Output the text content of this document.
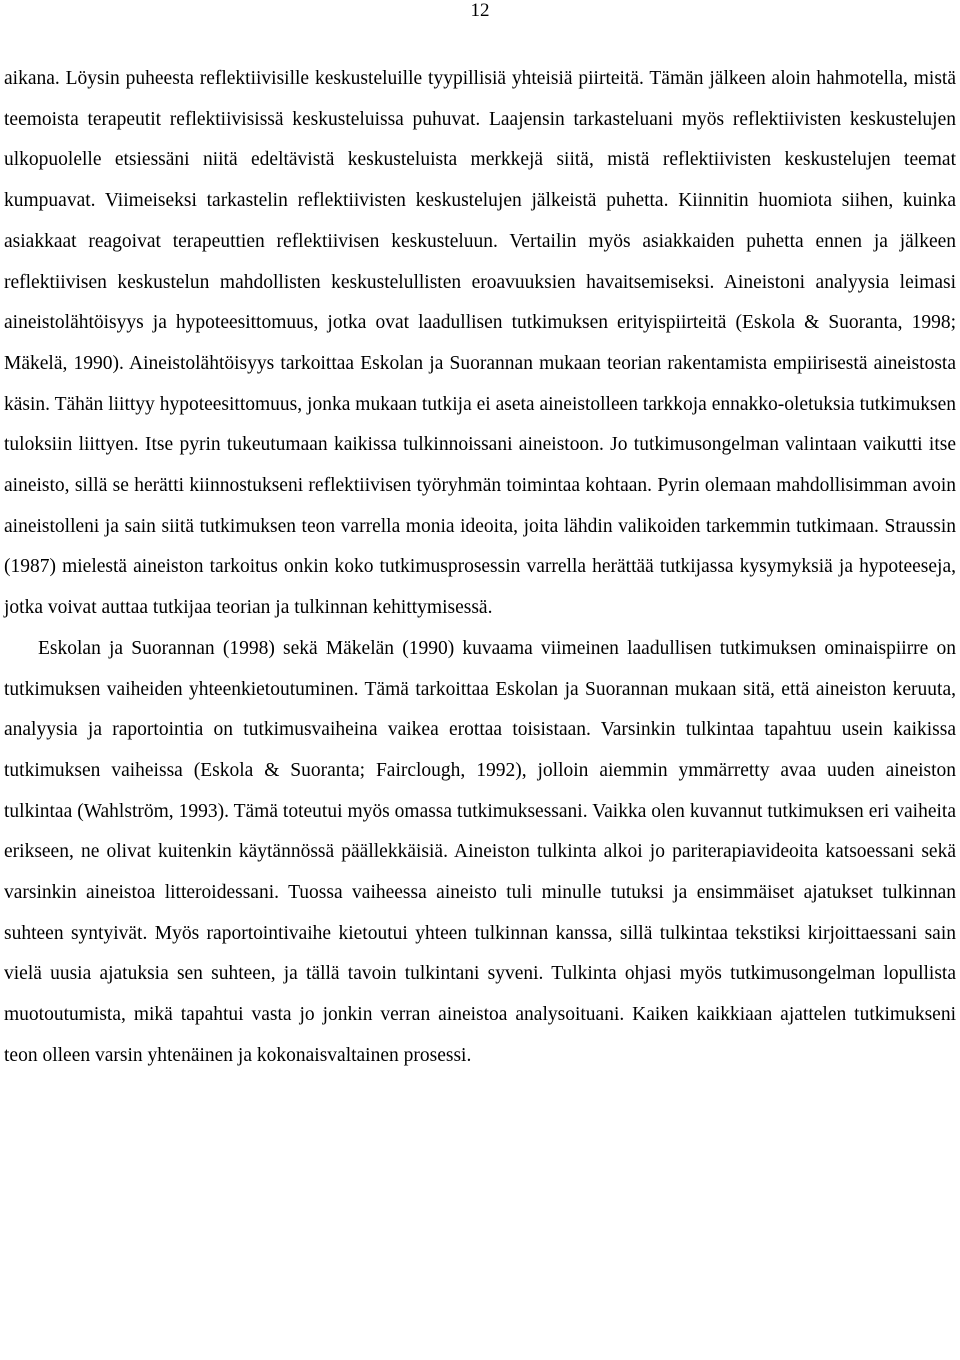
12

aikana. Löysin puheesta reflektiivisille keskusteluille tyypillisiä yhteisiä piirteitä. Tämän jälkeen aloin hahmotella, mistä teemoista terapeutit reflektiivisissä keskusteluissa puhuvat. Laajensin tarkasteluani myös reflektiivisten keskustelujen ulkopuolelle etsiessäni niitä edeltävistä keskusteluista merkkejä siitä, mistä reflektiivisten keskustelujen teemat kumpuavat. Viimeiseksi tarkastelin reflektiivisten keskustelujen jälkeistä puhetta. Kiinnitin huomiota siihen, kuinka asiakkaat reagoivat terapeuttien reflektiivisen keskusteluun. Vertailin myös asiakkaiden puhetta ennen ja jälkeen reflektiivisen keskustelun mahdollisten keskustelullisten eroavuuksien havaitsemiseksi. Aineistoni analyysia leimasi aineistolähtöisyys ja hypoteesittomuus, jotka ovat laadullisen tutkimuksen erityispiirteitä (Eskola & Suoranta, 1998; Mäkelä, 1990). Aineistolähtöisyys tarkoittaa Eskolan ja Suorannan mukaan teorian rakentamista empiirisestä aineistosta käsin. Tähän liittyy hypoteesittomuus, jonka mukaan tutkija ei aseta aineistolleen tarkkoja ennakko-oletuksia tutkimuksen tuloksiin liittyen. Itse pyrin tukeutumaan kaikissa tulkinnoissani aineistoon. Jo tutkimusongelman valintaan vaikutti itse aineisto, sillä se herätti kiinnostukseni reflektiivisen työryhmän toimintaa kohtaan. Pyrin olemaan mahdollisimman avoin aineistolleni ja sain siitä tutkimuksen teon varrella monia ideoita, joita lähdin valikoiden tarkemmin tutkimaan. Straussin (1987) mielestä aineiston tarkoitus onkin koko tutkimusprosessin varrella herättää tutkijassa kysymyksiä ja hypoteeseja, jotka voivat auttaa tutkijaa teorian ja tulkinnan kehittymisessä.

Eskolan ja Suorannan (1998) sekä Mäkelän (1990) kuvaama viimeinen laadullisen tutkimuksen ominaispiirre on tutkimuksen vaiheiden yhteenkietoutuminen. Tämä tarkoittaa Eskolan ja Suorannan mukaan sitä, että aineiston keruuta, analyysia ja raportointia on tutkimusvaiheina vaikea erottaa toisistaan. Varsinkin tulkintaa tapahtuu usein kaikissa tutkimuksen vaiheissa (Eskola & Suoranta; Fairclough, 1992), jolloin aiemmin ymmärretty avaa uuden aineiston tulkintaa (Wahlström, 1993). Tämä toteutui myös omassa tutkimuksessani. Vaikka olen kuvannut tutkimuksen eri vaiheita erikseen, ne olivat kuitenkin käytännössä päällekkäisiä. Aineiston tulkinta alkoi jo pariterapiavideoita katsoessani sekä varsinkin aineistoa litteroidessani. Tuossa vaiheessa aineisto tuli minulle tutuksi ja ensimmäiset ajatukset tulkinnan suhteen syntyivät. Myös raportointivaihe kietoutui yhteen tulkinnan kanssa, sillä tulkintaa tekstiksi kirjoittaessani sain vielä uusia ajatuksia sen suhteen, ja tällä tavoin tulkintani syveni. Tulkinta ohjasi myös tutkimusongelman lopullista muotoutumista, mikä tapahtui vasta jo jonkin verran aineistoa analysoituani. Kaiken kaikkiaan ajattelen tutkimukseni teon olleen varsin yhtenäinen ja kokonaisvaltainen prosessi.
